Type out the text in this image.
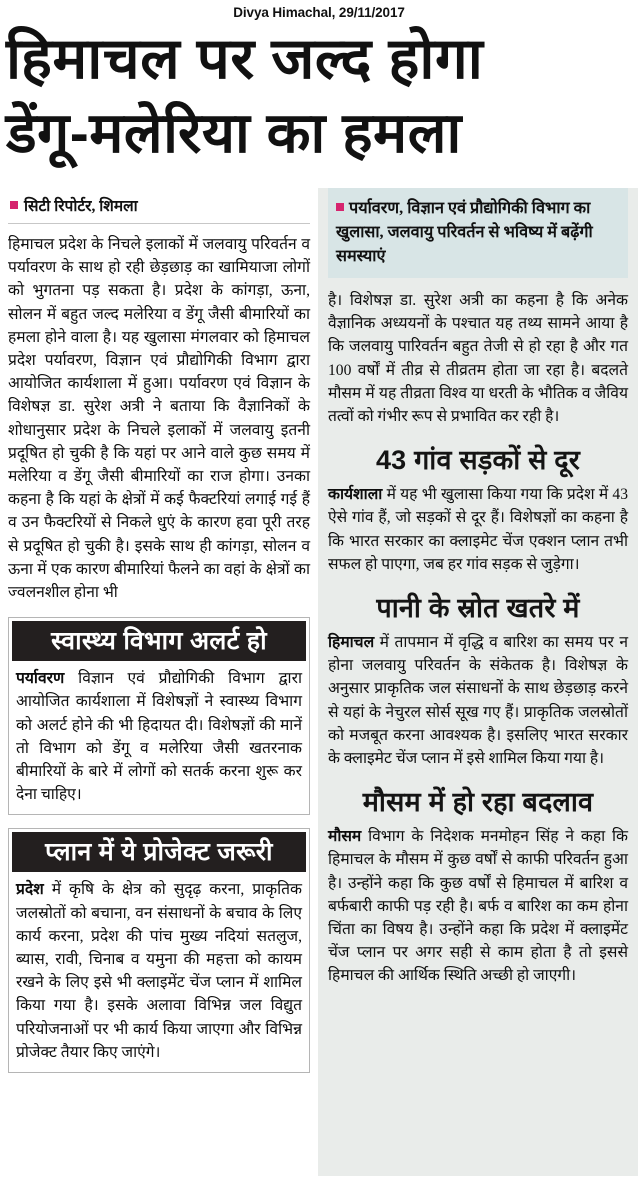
Divya Himachal, 29/11/2017
हिमाचल पर जल्द होगा
डेंगू-मलेरिया का हमला
सिटी रिपोर्टर, शिमला
हिमाचल प्रदेश के निचले इलाकों में जलवायु परिवर्तन व पर्यावरण के साथ हो रही छेड़छाड़ का खामियाजा लोगों को भुगतना पड़ सकता है। प्रदेश के कांगड़ा, ऊना, सोलन में बहुत जल्द मलेरिया व डेंगू जैसी बीमारियों का हमला होने वाला है। यह खुलासा मंगलवार को हिमाचल प्रदेश पर्यावरण, विज्ञान एवं प्रौद्योगिकी विभाग द्वारा आयोजित कार्यशाला में हुआ। पर्यावरण एवं विज्ञान के विशेषज्ञ डा. सुरेश अत्री ने बताया कि वैज्ञानिकों के शोधानुसार प्रदेश के निचले इलाकों में जलवायु इतनी प्रदूषित हो चुकी है कि यहां पर आने वाले कुछ समय में मलेरिया व डेंगू जैसी बीमारियों का राज होगा। उनका कहना है कि यहां के क्षेत्रों में कई फैक्टरियां लगाई गई हैं व उन फैक्टरियों से निकले धुएं के कारण हवा पूरी तरह से प्रदूषित हो चुकी है। इसके साथ ही कांगड़ा, सोलन व ऊना में एक कारण बीमारियां फैलने का वहां के क्षेत्रों का ज्वलनशील होना भी
स्वास्थ्य विभाग अलर्ट हो
पर्यावरण विज्ञान एवं प्रौद्योगिकी विभाग द्वारा आयोजित कार्यशाला में विशेषज्ञों ने स्वास्थ्य विभाग को अलर्ट होने की भी हिदायत दी। विशेषज्ञों की मानें तो विभाग को डेंगू व मलेरिया जैसी खतरनाक बीमारियों के बारे में लोगों को सतर्क करना शुरू कर देना चाहिए।
प्लान में ये प्रोजेक्ट जरूरी
प्रदेश में कृषि के क्षेत्र को सुदृढ़ करना, प्राकृतिक जलस्रोतों को बचाना, वन संसाधनों के बचाव के लिए कार्य करना, प्रदेश की पांच मुख्य नदियां सतलुज, ब्यास, रावी, चिनाब व यमुना की महत्ता को कायम रखने के लिए इसे भी क्लाइमेंट चेंज प्लान में शामिल किया गया है। इसके अलावा विभिन्न जल विद्युत परियोजनाओं पर भी कार्य किया जाएगा और विभिन्न प्रोजेक्ट तैयार किए जाएंगे।
पर्यावरण, विज्ञान एवं प्रौद्योगिकी विभाग का खुलासा, जलवायु परिवर्तन से भविष्य में बढ़ेंगी समस्याएं
है। विशेषज्ञ डा. सुरेश अत्री का कहना है कि अनेक वैज्ञानिक अध्ययनों के पश्चात यह तथ्य सामने आया है कि जलवायु पारिवर्तन बहुत तेजी से हो रहा है और गत 100 वर्षों में तीव्र से तीव्रतम होता जा रहा है। बदलते मौसम में यह तीव्रता विश्व या धरती के भौतिक व जैविय तत्वों को गंभीर रूप से प्रभावित कर रही है।
43 गांव सड़कों से दूर
कार्यशाला में यह भी खुलासा किया गया कि प्रदेश में 43 ऐसे गांव हैं, जो सड़कों से दूर हैं। विशेषज्ञों का कहना है कि भारत सरकार का क्लाइमेट चेंज एक्शन प्लान तभी सफल हो पाएगा, जब हर गांव सड़क से जुड़ेगा।
पानी के स्रोत खतरे में
हिमाचल में तापमान में वृद्धि व बारिश का समय पर न होना जलवायु परिवर्तन के संकेतक है। विशेषज्ञ के अनुसार प्राकृतिक जल संसाधनों के साथ छेड़छाड़ करने से यहां के नेचुरल सोर्स सूख गए हैं। प्राकृतिक जलस्रोतों को मजबूत करना आवश्यक है। इसलिए भारत सरकार के क्लाइमेट चेंज प्लान में इसे शामिल किया गया है।
मौसम में हो रहा बदलाव
मौसम विभाग के निदेशक मनमोहन सिंह ने कहा कि हिमाचल के मौसम में कुछ वर्षों से काफी परिवर्तन हुआ है। उन्होंने कहा कि कुछ वर्षों से हिमाचल में बारिश व बर्फबारी काफी पड़ रही है। बर्फ व बारिश का कम होना चिंता का विषय है। उन्होंने कहा कि प्रदेश में क्लाइमेंट चेंज प्लान पर अगर सही से काम होता है तो इससे हिमाचल की आर्थिक स्थिति अच्छी हो जाएगी।
